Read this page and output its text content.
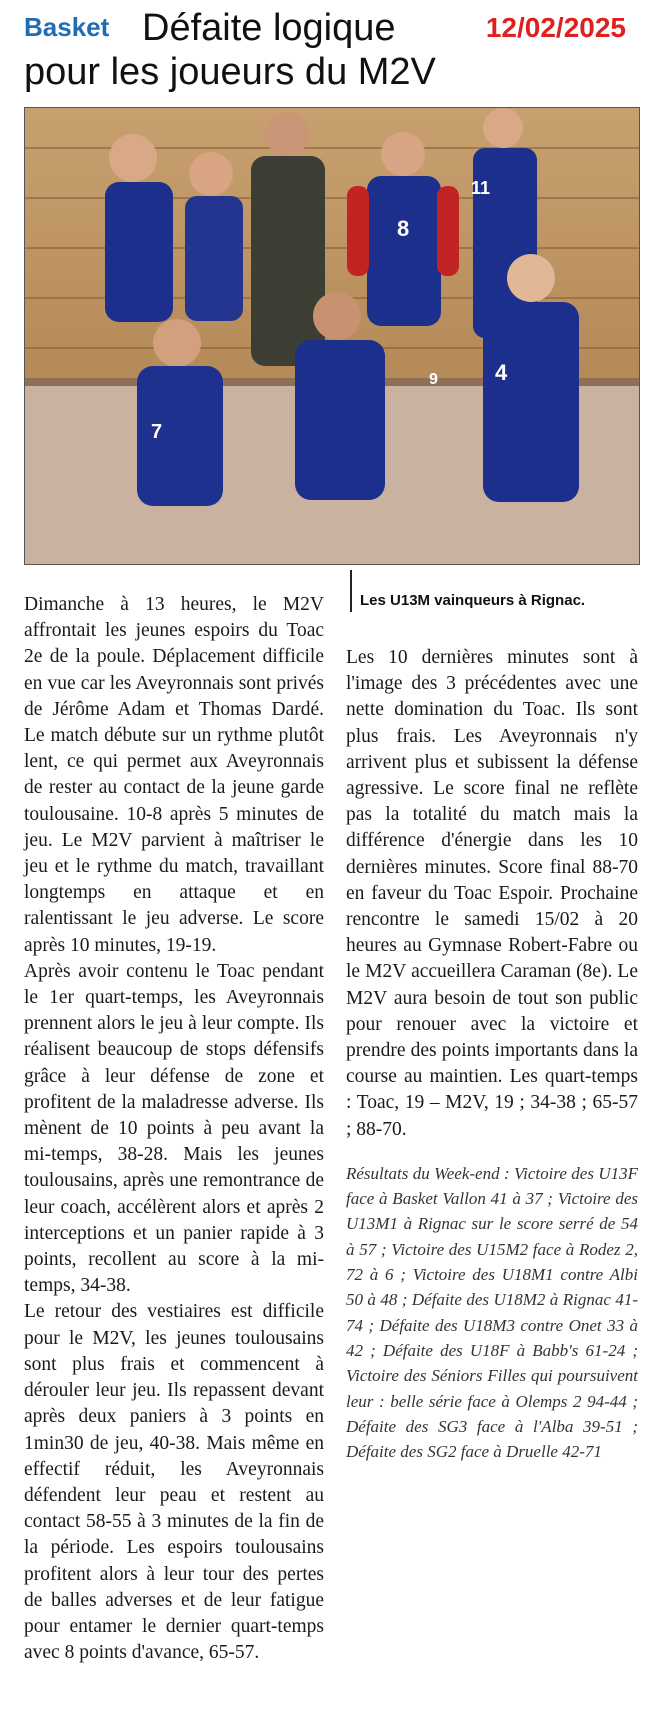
Défaite logique
pour les joueurs du M2V
Basket	12/02/2025
8
11
4
7
9
Les U13M vainqueurs à Rignac.

Dimanche à 13 heures, le M2V affrontait les jeunes espoirs du Toac 2e de la poule. Déplacement difficile en vue car les Aveyronnais sont privés de Jérôme Adam et Thomas Dardé. Le match débute sur un rythme plutôt lent, ce qui permet aux Aveyronnais de rester au contact de la jeune garde toulousaine. 10-8 après 5 minutes de jeu. Le M2V parvient à maîtriser le jeu et le rythme du match, travaillant longtemps en attaque et en ralentissant le jeu adverse. Le score après 10 minutes, 19-19.

Après avoir contenu le Toac pendant le 1er quart-temps, les Aveyronnais prennent alors le jeu à leur compte. Ils réalisent beaucoup de stops défensifs grâce à leur défense de zone et profitent de la maladresse adverse. Ils mènent de 10 points à peu avant la mi-temps, 38-28. Mais les jeunes toulousains, après une remontrance de leur coach, accélèrent alors et après 2 interceptions et un panier rapide à 3 points, recollent au score à la mi-temps, 34-38.

Le retour des vestiaires est difficile pour le M2V, les jeunes toulousains sont plus frais et commencent à dérouler leur jeu. Ils repassent devant après deux paniers à 3 points en 1min30 de jeu, 40-38. Mais même en effectif réduit, les Aveyronnais défendent leur peau et restent au contact 58-55 à 3 minutes de la fin de la période. Les espoirs toulousains profitent alors à leur tour des pertes de balles adverses et de leur fatigue pour entamer le dernier quart-temps avec 8 points d'avance, 65-57.

Les 10 dernières minutes sont à l'image des 3 précédentes avec une nette domination du Toac. Ils sont plus frais. Les Aveyronnais n'y arrivent plus et subissent la défense agressive. Le score final ne reflète pas la totalité du match mais la différence d'énergie dans les 10 dernières minutes. Score final 88-70 en faveur du Toac Espoir. Prochaine rencontre le samedi 15/02 à 20 heures au Gymnase Robert-Fabre ou le M2V accueillera Caraman (8e). Le M2V aura besoin de tout son public pour renouer avec la victoire et prendre des points importants dans la course au maintien. Les quart-temps : Toac, 19 – M2V, 19 ; 34-38 ; 65-57 ; 88-70.

Résultats du Week-end : Victoire des U13F face à Basket Vallon 41 à 37 ; Victoire des U13M1 à Rignac sur le score serré de 54 à 57 ; Victoire des U15M2 face à Rodez 2, 72 à 6 ; Victoire des U18M1 contre Albi 50 à 48 ; Défaite des U18M2 à Rignac 41-74 ; Défaite des U18M3 contre Onet 33 à 42 ; Défaite des U18F à Babb's 61-24 ; Victoire des Séniors Filles qui poursuivent leur : belle série face à Olemps 2 94-44 ; Défaite des SG3 face à l'Alba 39-51 ; Défaite des SG2 face à Druelle 42-71
